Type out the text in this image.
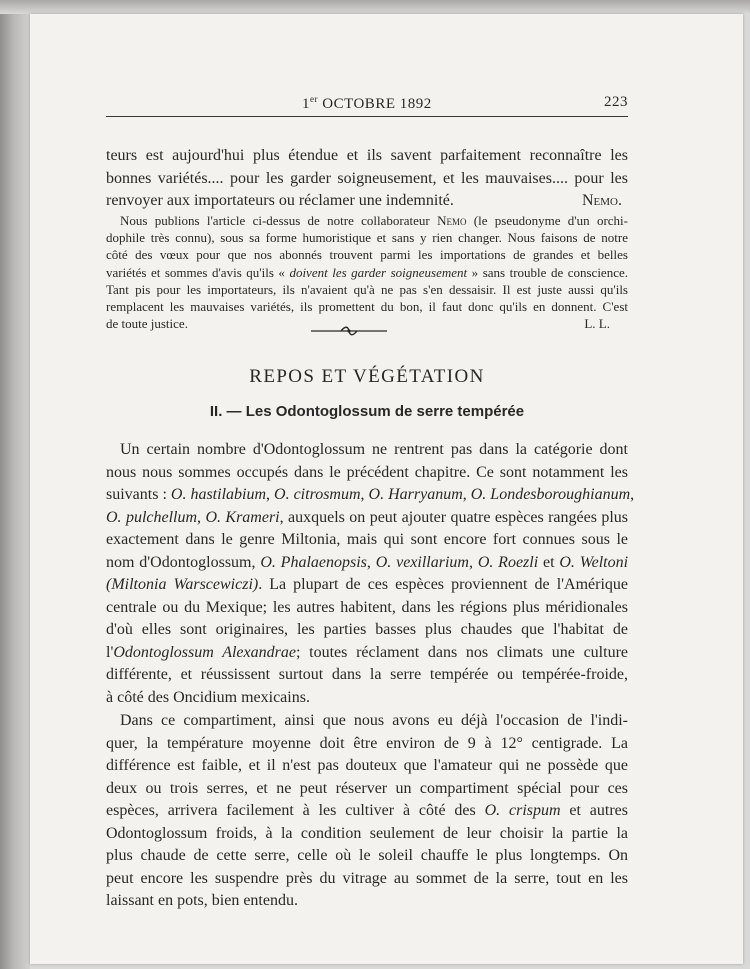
1er OCTOBRE 1892	223
teurs est aujourd'hui plus étendue et ils savent parfaitement reconnaître les
bonnes variétés.... pour les garder soigneusement, et les mauvaises.... pour les
renvoyer aux importateurs ou réclamer une indemnité.	Nemo.
Nous publions l'article ci-dessus de notre collaborateur Nemo (le pseudonyme d'un orchi-
dophile très connu), sous sa forme humoristique et sans y rien changer. Nous faisons de notre
côté des vœux pour que nos abonnés trouvent parmi les importations de grandes et belles
variétés et sommes d'avis qu'ils « doivent les garder soigneusement » sans trouble de conscience.
Tant pis pour les importateurs, ils n'avaient qu'à ne pas s'en dessaisir. Il est juste aussi qu'ils
remplacent les mauvaises variétés, ils promettent du bon, il faut donc qu'ils en donnent. C'est
de toute justice.	L. L.
REPOS ET VÉGÉTATION
II. — Les Odontoglossum de serre tempérée
Un certain nombre d'Odontoglossum ne rentrent pas dans la catégorie dont
nous nous sommes occupés dans le précédent chapitre. Ce sont notamment les
suivants : O. hastilabium, O. citrosmum, O. Harryanum, O. Londesboroughianum,
O. pulchellum, O. Krameri, auxquels on peut ajouter quatre espèces rangées plus
exactement dans le genre Miltonia, mais qui sont encore fort connues sous le
nom d'Odontoglossum, O. Phalaenopsis, O. vexillarium, O. Roezli et O. Weltoni
(Miltonia Warscewiczi). La plupart de ces espèces proviennent de l'Amérique
centrale ou du Mexique; les autres habitent, dans les régions plus méridionales
d'où elles sont originaires, les parties basses plus chaudes que l'habitat de
l'Odontoglossum Alexandrae; toutes réclament dans nos climats une culture
différente, et réussissent surtout dans la serre tempérée ou tempérée-froide,
à côté des Oncidium mexicains.
Dans ce compartiment, ainsi que nous avons eu déjà l'occasion de l'indi-
quer, la température moyenne doit être environ de 9 à 12° centigrade. La
différence est faible, et il n'est pas douteux que l'amateur qui ne possède que
deux ou trois serres, et ne peut réserver un compartiment spécial pour ces
espèces, arrivera facilement à les cultiver à côté des O. crispum et autres
Odontoglossum froids, à la condition seulement de leur choisir la partie la
plus chaude de cette serre, celle où le soleil chauffe le plus longtemps. On
peut encore les suspendre près du vitrage au sommet de la serre, tout en les
laissant en pots, bien entendu.
